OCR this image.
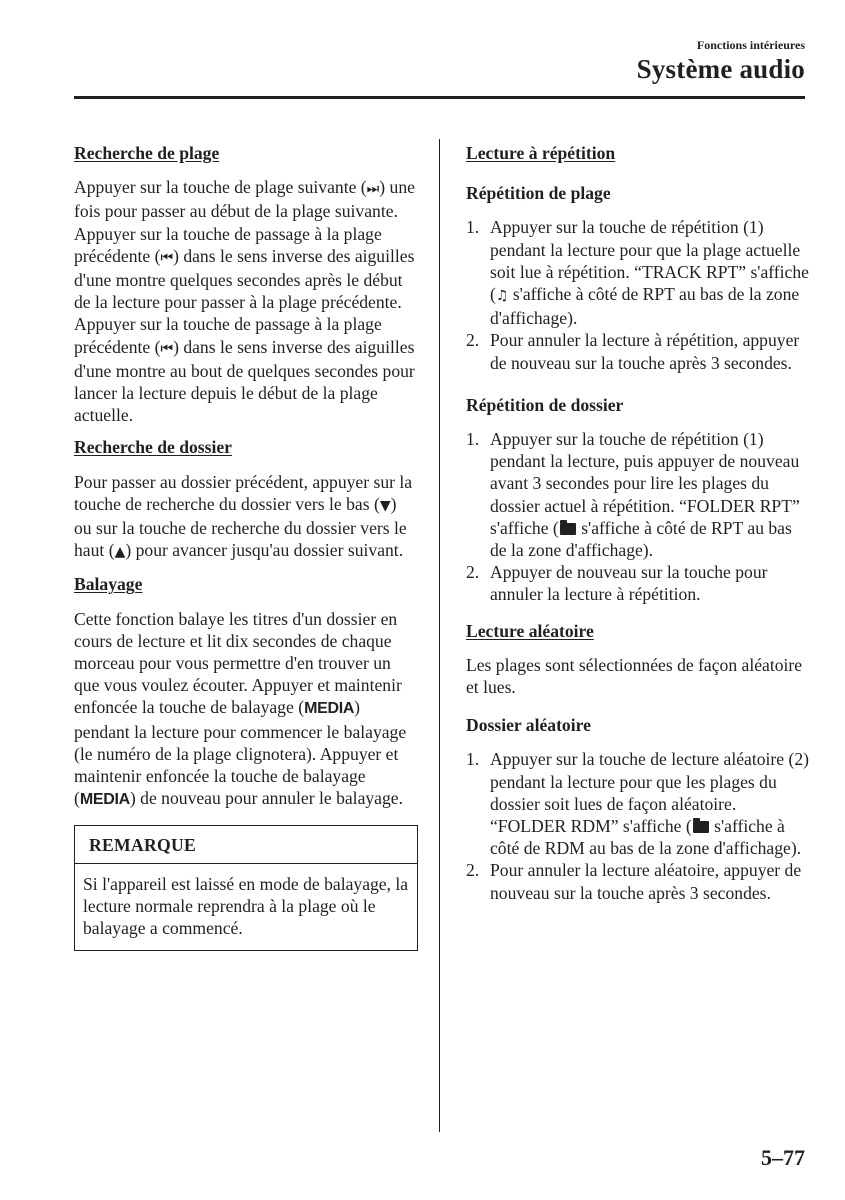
Fonctions intérieures
Système audio
Recherche de plage

Appuyer sur la touche de plage suivante (⏭) une fois pour passer au début de la plage suivante.
Appuyer sur la touche de passage à la plage précédente (⏮) dans le sens inverse des aiguilles d'une montre quelques secondes après le début de la lecture pour passer à la plage précédente.
Appuyer sur la touche de passage à la plage précédente (⏮) dans le sens inverse des aiguilles d'une montre au bout de quelques secondes pour lancer la lecture depuis le début de la plage actuelle.

Recherche de dossier

Pour passer au dossier précédent, appuyer sur la touche de recherche du dossier vers le bas (▼) ou sur la touche de recherche du dossier vers le haut (▲) pour avancer jusqu'au dossier suivant.

Balayage

Cette fonction balaye les titres d'un dossier en cours de lecture et lit dix secondes de chaque morceau pour vous permettre d'en trouver un que vous voulez écouter. Appuyer et maintenir enfoncée la touche de balayage (MEDIA) pendant la lecture pour commencer le balayage (le numéro de la plage clignotera). Appuyer et maintenir enfoncée la touche de balayage (MEDIA) de nouveau pour annuler le balayage.

REMARQUE
Si l'appareil est laissé en mode de balayage, la lecture normale reprendra à la plage où le balayage a commencé.
Lecture à répétition
Répétition de plage
1. Appuyer sur la touche de répétition (1) pendant la lecture pour que la plage actuelle soit lue à répétition. “TRACK RPT” s'affiche (♫ s'affiche à côté de RPT au bas de la zone d'affichage).
2. Pour annuler la lecture à répétition, appuyer de nouveau sur la touche après 3 secondes.
Répétition de dossier
1. Appuyer sur la touche de répétition (1) pendant la lecture, puis appuyer de nouveau avant 3 secondes pour lire les plages du dossier actuel à répétition. “FOLDER RPT” s'affiche ( s'affiche à côté de RPT au bas de la zone d'affichage).
2. Appuyer de nouveau sur la touche pour annuler la lecture à répétition.
Lecture aléatoire

Les plages sont sélectionnées de façon aléatoire et lues.

Dossier aléatoire
1. Appuyer sur la touche de lecture aléatoire (2) pendant la lecture pour que les plages du dossier soit lues de façon aléatoire. “FOLDER RDM” s'affiche ( s'affiche à côté de RDM au bas de la zone d'affichage).
2. Pour annuler la lecture aléatoire, appuyer de nouveau sur la touche après 3 secondes.
5–77
